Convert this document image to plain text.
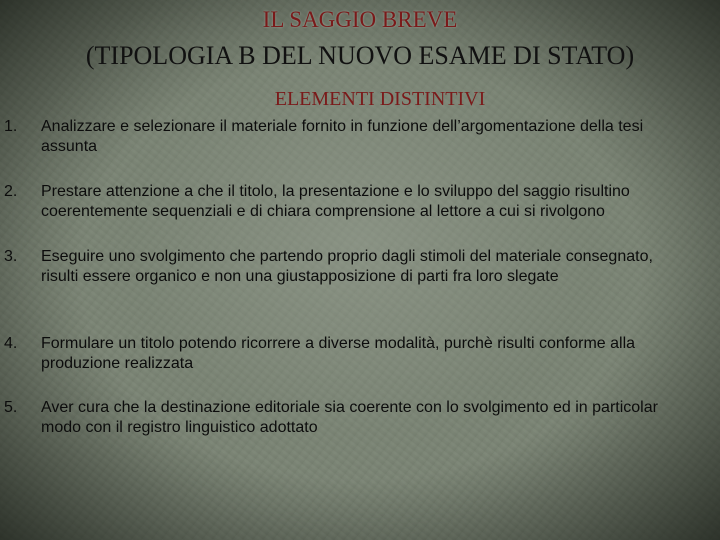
IL SAGGIO BREVE
(TIPOLOGIA B DEL NUOVO ESAME DI STATO)
ELEMENTI DISTINTIVI
1.	Analizzare e selezionare il materiale fornito in funzione dell’argomentazione della tesi assunta
2.	Prestare attenzione a che il titolo, la presentazione e lo sviluppo del saggio risultino coerentemente sequenziali e di chiara comprensione al lettore a cui si rivolgono
3.	Eseguire uno svolgimento che partendo proprio dagli stimoli del materiale consegnato, risulti essere organico e non una giustapposizione di parti fra loro slegate
4.	Formulare un titolo potendo ricorrere a diverse modalità, purchè risulti conforme alla produzione realizzata
5.	Aver cura che la destinazione editoriale sia coerente con lo svolgimento ed in particolar modo con il registro linguistico adottato
